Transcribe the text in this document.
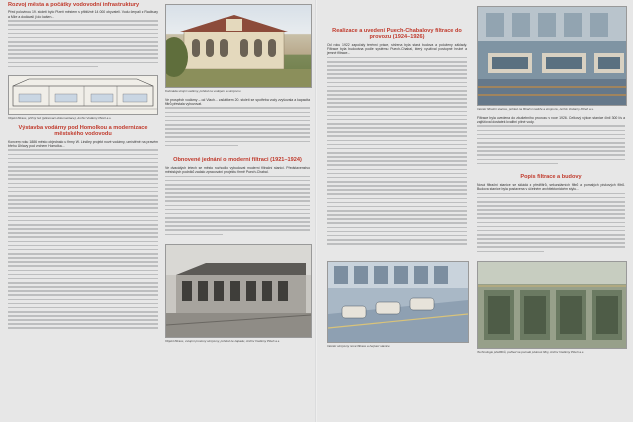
Rozvoj města a počátky vodovodní infrastruktury
Před polovinou 19. století bylo Plzeň městem s přibližně 14 000 obyvateli. Vodu čerpali z Radbuzy a Mže a dodávali ji do kašen...
Objekt filtrace, příčný řez (plánovací dokumentace), Archiv Vodárny Plzeň a.s.
Výstavba vodárny pod Homolkou a modernizace městského vodovodu
Koncem roku 1886 město objednalo u firmy W. Lindley projekt nové vodárny, umístěné na pravém břehu Úhlavy pod vrchem Homolka...
Kolonáda strojní vodárny, pohled na vodojem a strojovnu
Ve prospěch vodárny – od Vlach... začátkem 20. století se spotřeba vody zvyšovala a kapacita filtrů přestala vyhovovat.
Obnovené jednání o moderní filtraci (1921–1924)
Ve dvacátých letech se město rozhodlo vybudovat moderní filtrační stanici. Představenstvo městských podniků zadalo zpracování projektu firmě Puech-Chabal.
Objekt filtrace, vstupní prostory strojovny, pohled ze západu, Archiv Vodárny Plzeň a.s.
Realizace a uvedení Puech-Chabalovy filtrace do provozu (1924–1926)
Od roku 1922 započaly terénní práce, stržena byla stará budova a položeny základy. Filtrace byla budována podle systému Puech-Chabal, který využíval postupné hrubé a jemné filtrace...
Interiér strojovny nové filtrace a čerpací stanice
Interiér filtrační stanice, pohled na filtrační nádrže a strojovnu, Archiv Vodárny Plzeň a.s.
Filtrace byla uvedena do zkušebního provozu v roce 1926. Celkový výkon stanice činil 300 l/s a zajišťoval dostatek kvalitní pitné vody.
Popis filtrace a budovy
Nová filtrační stanice se skládá z předfiltrů, sekundárních filtrů a pomalých pískových filtrů. Budova stanice byla postavena v účelném architektonickém stylu...
Technologie předfiltrů, pohled na pomalé pískové filtry, Archiv Vodárny Plzeň a.s.
